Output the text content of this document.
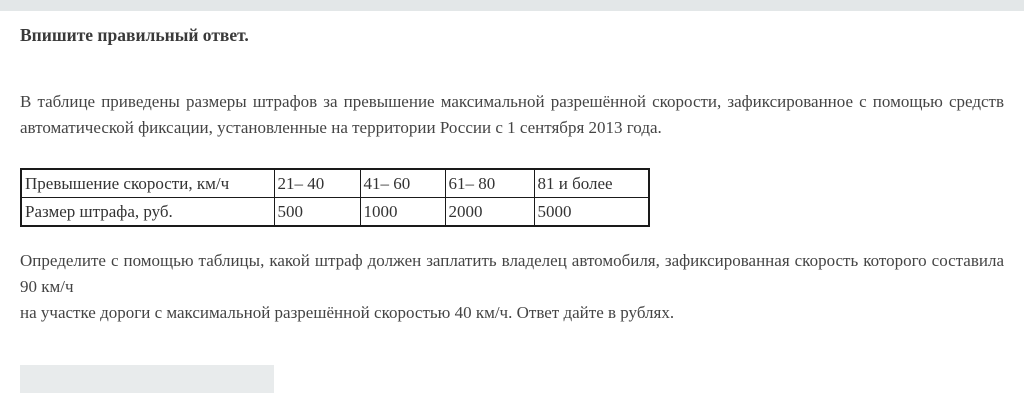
Впишите правильный ответ.

В таблице приведены размеры штрафов за превышение максимальной разрешённой скорости, зафиксированное с помощью средств автоматической фиксации, установленные на территории России с 1 сентября 2013 года.

Превышение скорости, км/ч	21– 40	41– 60	61– 80	81 и более
Размер штрафа, руб.	500	1000	2000	5000

Определите с помощью таблицы, какой штраф должен заплатить владелец автомобиля, зафиксированная скорость которого составила 90 км/ч
на участке дороги с максимальной разрешённой скоростью 40 км/ч. Ответ дайте в рублях.
